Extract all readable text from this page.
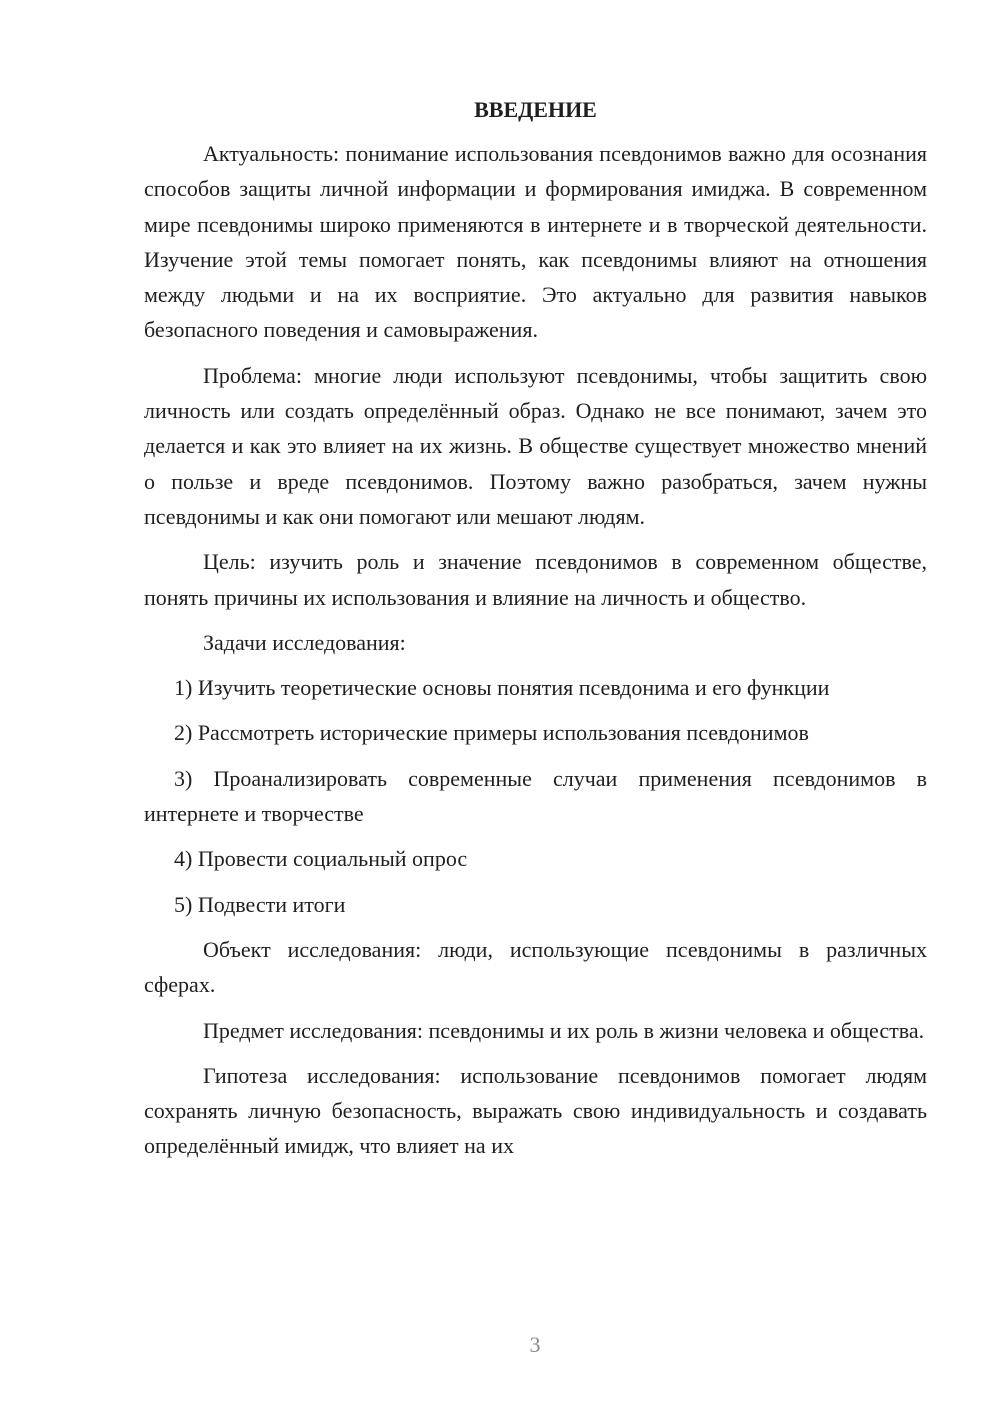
ВВЕДЕНИЕ

Актуальность: понимание использования псевдонимов важно для осознания способов защиты личной информации и формирования имиджа. В современном мире псевдонимы широко применяются в интернете и в творческой деятельности. Изучение этой темы помогает понять, как псевдонимы влияют на отношения между людьми и на их восприятие. Это актуально для развития навыков безопасного поведения и самовыражения.

Проблема: многие люди используют псевдонимы, чтобы защитить свою личность или создать определённый образ. Однако не все понимают, зачем это делается и как это влияет на их жизнь. В обществе существует множество мнений о пользе и вреде псевдонимов. Поэтому важно разобраться, зачем нужны псевдонимы и как они помогают или мешают людям.

Цель: изучить роль и значение псевдонимов в современном обществе, понять причины их использования и влияние на личность и общество.

Задачи исследования:

1) Изучить теоретические основы понятия псевдонима и его функции

2) Рассмотреть исторические примеры использования псевдонимов

3) Проанализировать современные случаи применения псевдонимов в интернете и творчестве

4) Провести социальный опрос

5) Подвести итоги

Объект исследования: люди, использующие псевдонимы в различных сферах.

Предмет исследования: псевдонимы и их роль в жизни человека и общества.

Гипотеза исследования: использование псевдонимов помогает людям сохранять личную безопасность, выражать свою индивидуальность и создавать определённый имидж, что влияет на их

3
